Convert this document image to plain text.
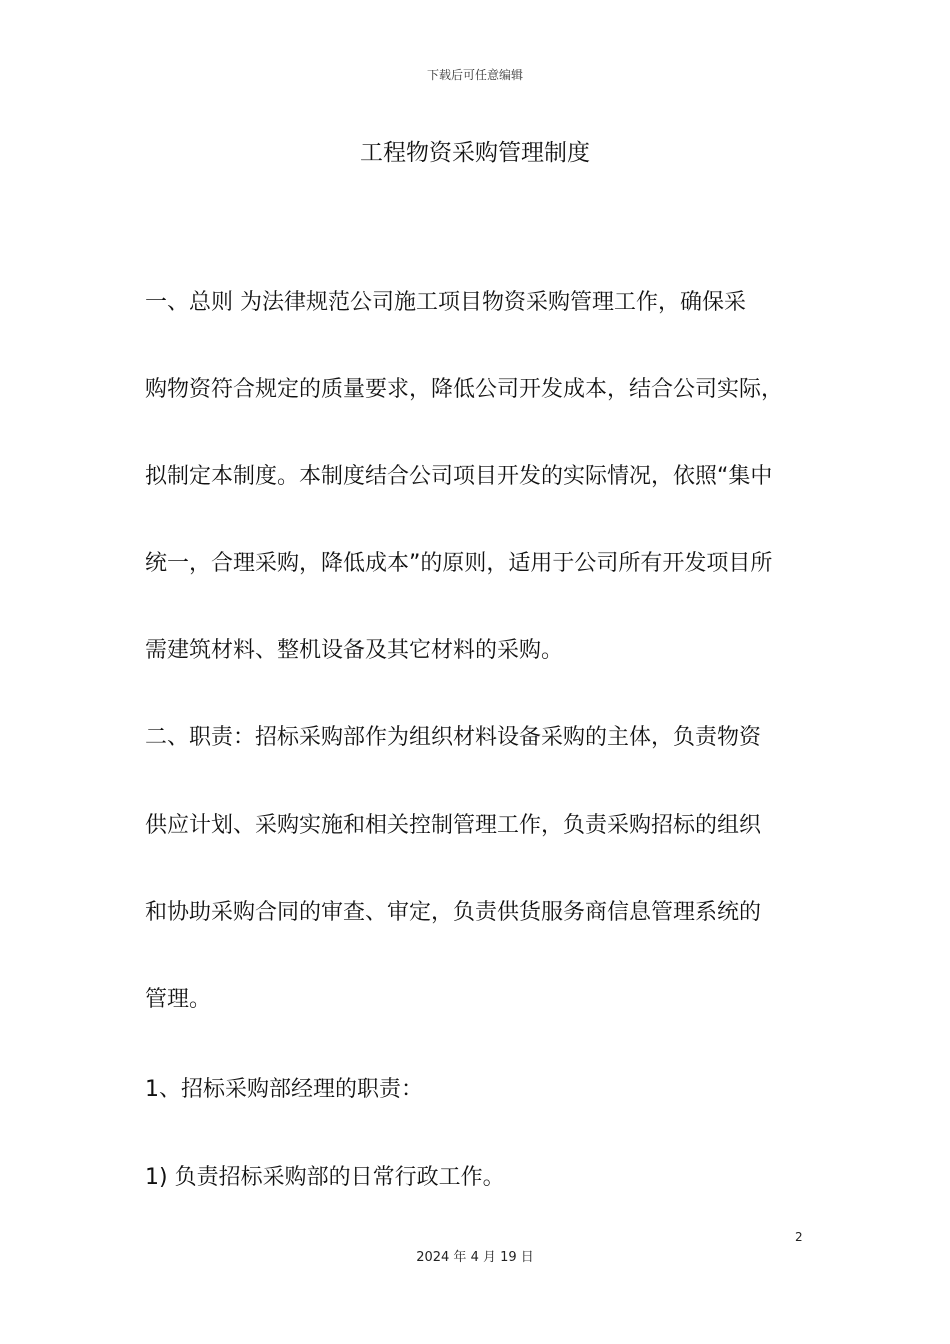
下载后可任意编辑
工程物资采购管理制度
一、总则 为法律规范公司施工项目物资采购管理工作，确保采
购物资符合规定的质量要求，降低公司开发成本，结合公司实际，
拟制定本制度。本制度结合公司项目开发的实际情况，依照“集中
统一，合理采购，降低成本”的原则，适用于公司所有开发项目所
需建筑材料、整机设备及其它材料的采购。
二、职责：招标采购部作为组织材料设备采购的主体，负责物资
供应计划、采购实施和相关控制管理工作，负责采购招标的组织
和协助采购合同的审查、审定，负责供货服务商信息管理系统的
管理。
1、招标采购部经理的职责：
1) 负责招标采购部的日常行政工作。
2
2024 年 4 月 19 日
